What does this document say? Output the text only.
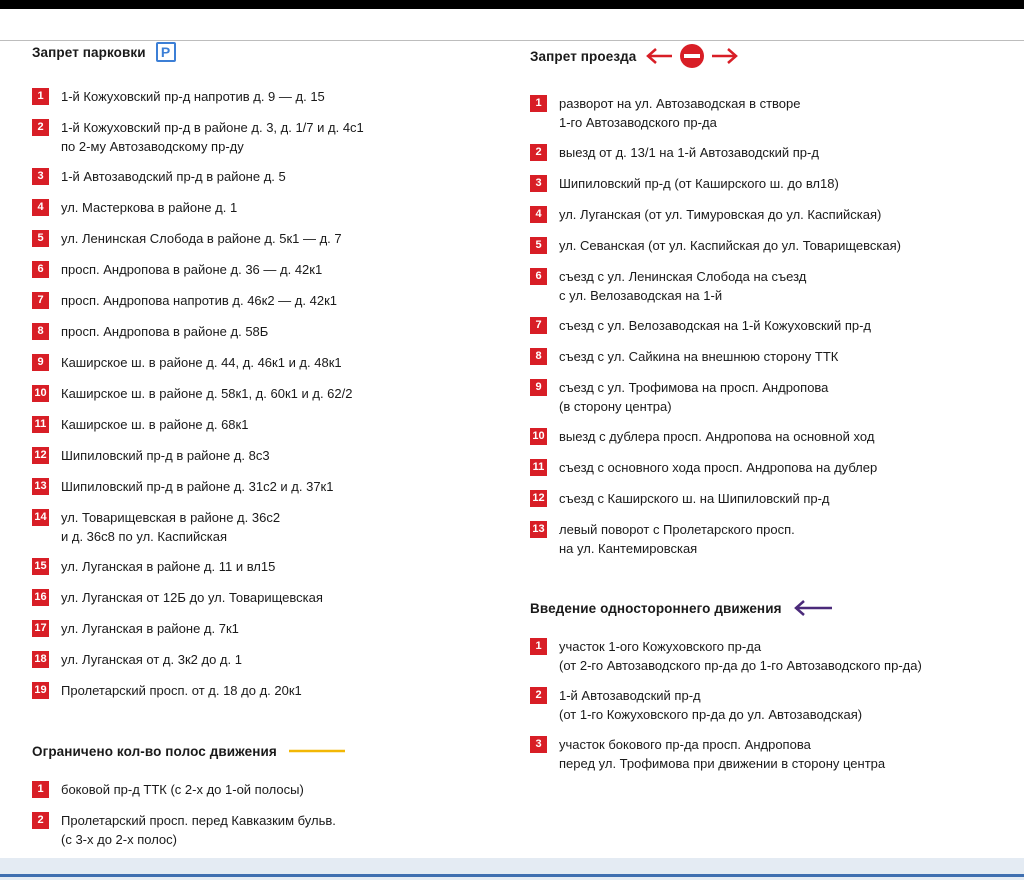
Запрет парковки	P
1	1-й Кожуховский пр-д напротив д. 9 — д. 15
2	1-й Кожуховский пр-д в районе д. 3, д. 1/7 и д. 4с1
по 2-му Автозаводскому пр-ду
3	1-й Автозаводский пр-д в районе д. 5
4	ул. Мастеркова в районе д. 1
5	ул. Ленинская Слобода в районе д. 5к1 — д. 7
6	просп. Андропова в районе д. 36 — д. 42к1
7	просп. Андропова напротив д. 46к2 — д. 42к1
8	просп. Андропова в районе д. 58Б
9	Каширское ш. в районе д. 44, д. 46к1 и д. 48к1
10 Каширское ш. в районе д. 58к1, д. 60к1 и д. 62/2
11 Каширское ш. в районе д. 68к1
12 Шипиловский пр-д в районе д. 8с3
13 Шипиловский пр-д в районе д. 31с2 и д. 37к1
14 ул. Товарищевская в районе д. 36с2
и д. 36с8 по ул. Каспийская
15 ул. Луганская в районе д. 11 и вл15
16 ул. Луганская от 12Б до ул. Товарищевская
17 ул. Луганская в районе д. 7к1
18 ул. Луганская от д. 3к2 до д. 1
19 Пролетарский просп. от д. 18 до д. 20к1
Ограничено кол-во полос движения
1	боковой пр-д ТТК (с 2-х до 1-ой полосы)
2	Пролетарский просп. перед Кавказким бульв.
(с 3-х до 2-х полос)
Запрет проезда
1	разворот на ул. Автозаводская в створе
1-го Автозаводского пр-да
2	выезд от д. 13/1 на 1-й Автозаводский пр-д
3	Шипиловский пр-д (от Каширского ш. до вл18)
4	ул. Луганская (от ул. Тимуровская до ул. Каспийская)
5	ул. Севанская (от ул. Каспийская до ул. Товарищевская)
6	съезд с ул. Ленинская Слобода на съезд
с ул. Велозаводская на 1-й
7	съезд с ул. Велозаводская на 1-й Кожуховский пр-д
8	съезд с ул. Сайкина на внешнюю сторону ТТК
9	съезд с ул. Трофимова на просп. Андропова
(в сторону центра)
10 выезд с дублера просп. Андропова на основной ход
11 съезд с основного хода просп. Андропова на дублер
12 съезд с Каширского ш. на Шипиловский пр-д
13 левый поворот с Пролетарского просп.
на ул. Кантемировская
Введение одностороннего движения
1	участок 1-ого Кожуховского пр-да
(от 2-го Автозаводского пр-да до 1-го Автозаводского пр-да)
2	1-й Автозаводский пр-д
(от 1-го Кожуховского пр-да до ул. Автозаводская)
3	участок бокового пр-да просп. Андропова
перед ул. Трофимова при движении в сторону центра
